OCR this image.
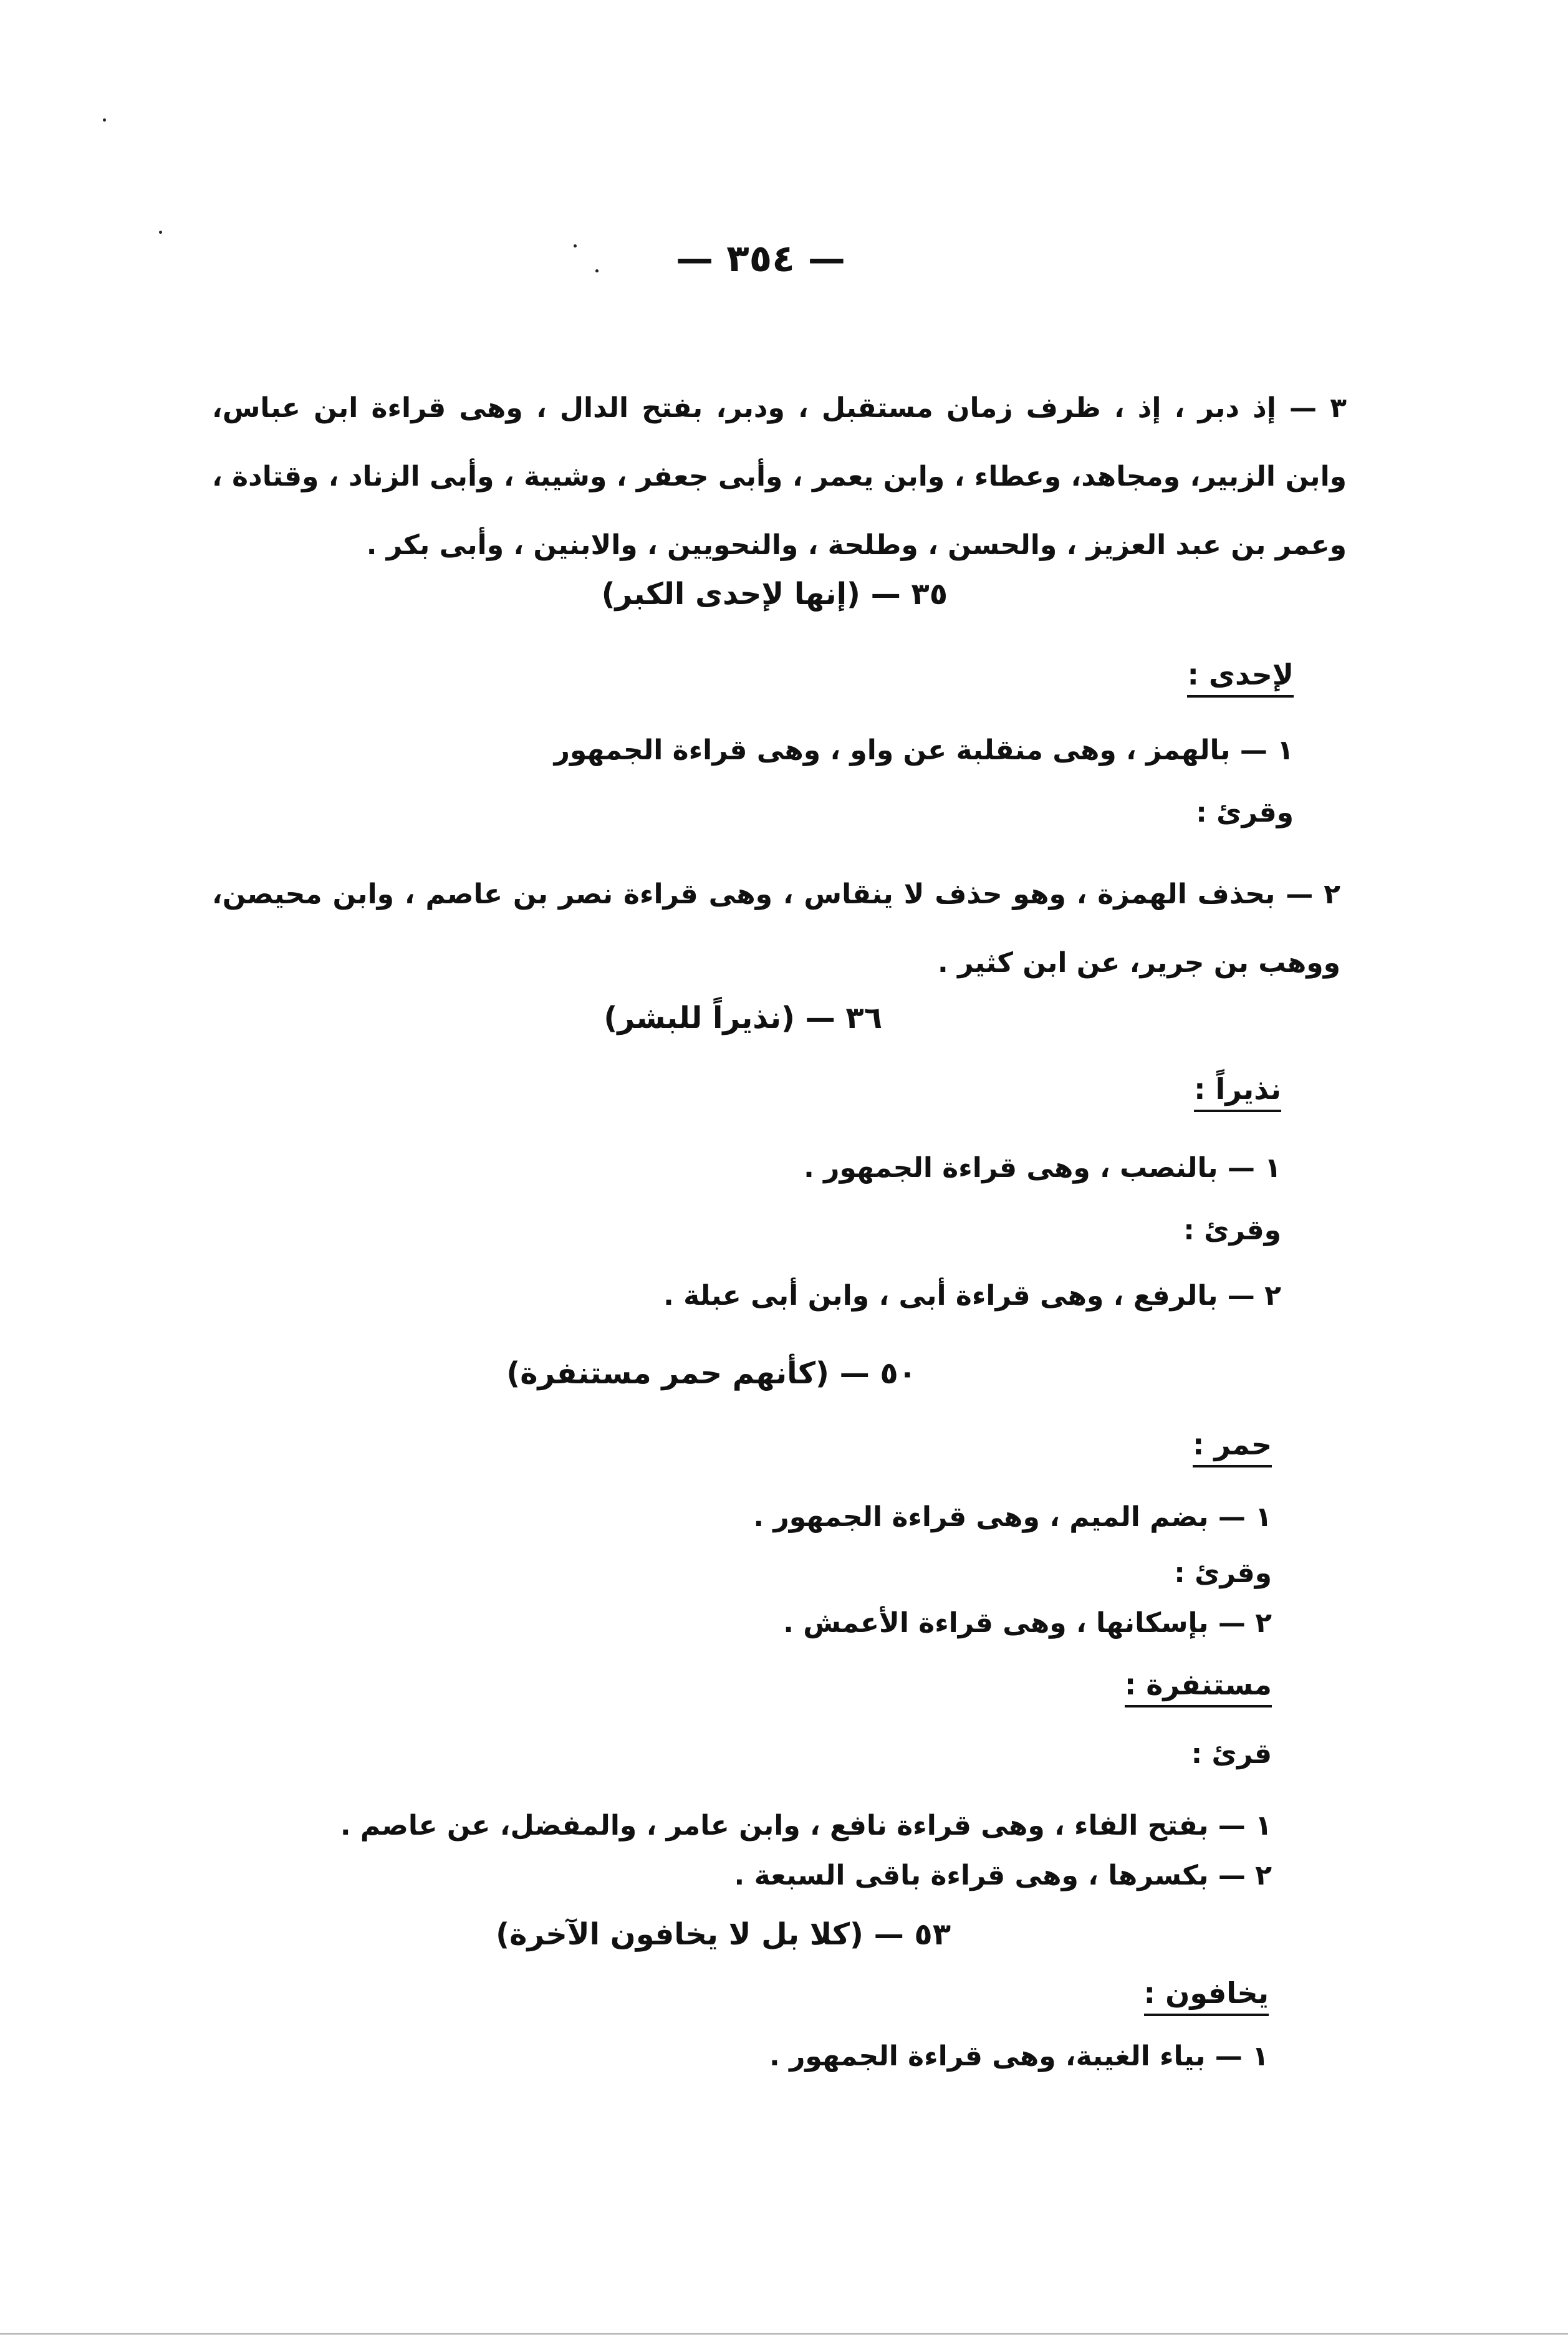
— ٣٥٤ —
٣ — إذ دبر ، إذ ، ظرف زمان مستقبل ، ودبر، بفتح الدال ، وهى قراءة ابن عباس، وابن الزبير، ومجاهد، وعطاء ، وابن يعمر ، وأبى جعفر ، وشيبة ، وأبى الزناد ، وقتادة ، وعمر بن عبد العزيز ، والحسن ، وطلحة ، والنحويين ، والابنين ، وأبى بكر .
٣٥ — (إنها لإحدى الكبر)
لإحدى :
١ — بالهمز ، وهى منقلبة عن واو ، وهى قراءة الجمهور
وقرئ :
٢ — بحذف الهمزة ، وهو حذف لا ينقاس ، وهى قراءة نصر بن عاصم ، وابن محيصن، ووهب بن جرير، عن ابن كثير .
٣٦ — (نذيراً للبشر)
نذيراً :
١ — بالنصب ، وهى قراءة الجمهور .
وقرئ :
٢ — بالرفع ، وهى قراءة أبى ، وابن أبى عبلة .
٥٠ — (كأنهم حمر مستنفرة)
حمر :
١ — بضم الميم ، وهى قراءة الجمهور .
وقرئ :
٢ — بإسكانها ، وهى قراءة الأعمش .
مستنفرة :
قرئ :
١ — بفتح الفاء ، وهى قراءة نافع ، وابن عامر ، والمفضل، عن عاصم .
٢ — بكسرها ، وهى قراءة باقى السبعة .
٥٣ — (كلا بل لا يخافون الآخرة)
يخافون :
١ — بياء الغيبة، وهى قراءة الجمهور .
